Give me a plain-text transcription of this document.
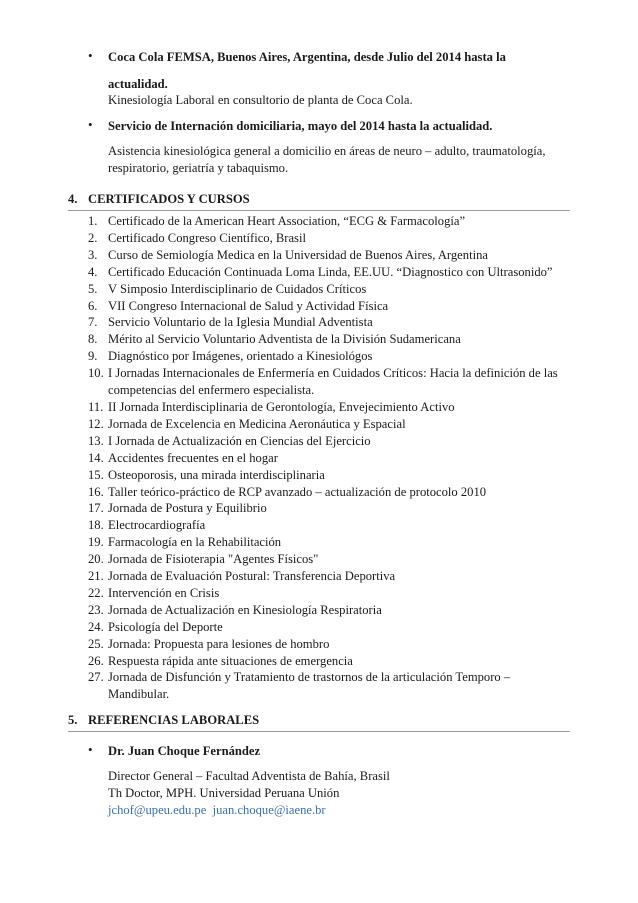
• Coca Cola FEMSA, Buenos Aires, Argentina, desde Julio del 2014 hasta la
actualidad.
Kinesiología Laboral en consultorio de planta de Coca Cola.
• Servicio de Internación domiciliaria, mayo del 2014 hasta la actualidad.
Asistencia kinesiológica general a domicilio en áreas de neuro – adulto, traumatología,
respiratorio, geriatría y tabaquismo.
4. CERTIFICADOS Y CURSOS
1. Certificado de la American Heart Association, “ECG & Farmacología”
2. Certificado Congreso Científico, Brasil
3. Curso de Semiología Medica en la Universidad de Buenos Aires, Argentina
4. Certificado Educación Continuada Loma Linda, EE.UU. “Diagnostico con Ultrasonido”
5. V Simposio Interdisciplinario de Cuidados Críticos
6. VII Congreso Internacional de Salud y Actividad Física
7. Servicio Voluntario de la Iglesia Mundial Adventista
8. Mérito al Servicio Voluntario Adventista de la División Sudamericana
9. Diagnóstico por Imágenes, orientado a Kinesiológos
10. I Jornadas Internacionales de Enfermería en Cuidados Críticos: Hacia la definición de las competencias del enfermero especialista.
11. II Jornada Interdisciplinaria de Gerontología, Envejecimiento Activo
12. Jornada de Excelencia en Medicina Aeronáutica y Espacial
13. I Jornada de Actualización en Ciencias del Ejercicio
14. Accidentes frecuentes en el hogar
15. Osteoporosis, una mirada interdisciplinaria
16. Taller teórico-práctico de RCP avanzado – actualización de protocolo 2010
17. Jornada de Postura y Equilibrio
18. Electrocardiografía
19. Farmacología en la Rehabilitación
20. Jornada de Fisioterapia "Agentes Físicos"
21. Jornada de Evaluación Postural: Transferencia Deportiva
22. Intervención en Crisis
23. Jornada de Actualización en Kinesiología Respiratoria
24. Psicología del Deporte
25. Jornada: Propuesta para lesiones de hombro
26. Respuesta rápida ante situaciones de emergencia
27. Jornada de Disfunción y Tratamiento de trastornos de la articulación Temporo – Mandibular.
5. REFERENCIAS LABORALES
• Dr. Juan Choque Fernández
Director General – Facultad Adventista de Bahía, Brasil
Th Doctor, MPH. Universidad Peruana Unión
jchof@upeu.edu.pe juan.choque@iaene.br
